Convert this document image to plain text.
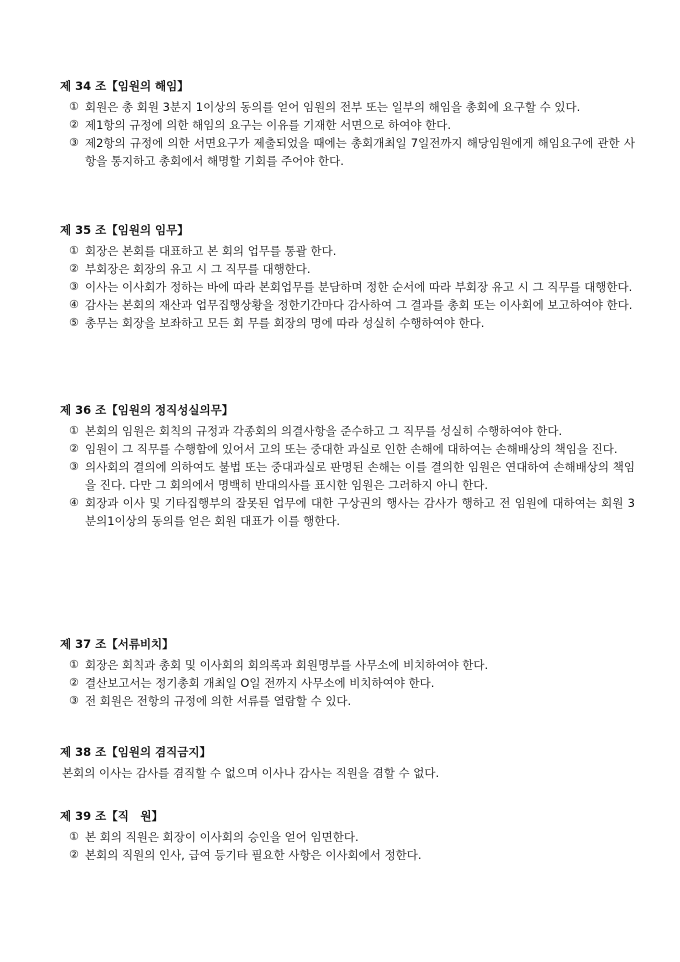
제 34 조【임원의 해임】
① 회원은 총 회원 3분지 1이상의 동의를 얻어 임원의 전부 또는 일부의 해임을 총회에 요구할 수 있다.
② 제1항의 규정에 의한 해임의 요구는 이유를 기재한 서면으로 하여야 한다.
③ 제2항의 규정에 의한 서면요구가 제출되었을 때에는 총회개최일 7일전까지 해당임원에게 해임요구에 관한 사항을 통지하고 총회에서 해명할 기회를 주어야 한다.
제 35 조【임원의 임무】
① 회장은 본회를 대표하고 본 회의 업무를 통괄 한다.
② 부회장은 회장의 유고 시 그 직무를 대행한다.
③ 이사는 이사회가 정하는 바에 따라 본회업무를 분담하며 정한 순서에 따라 부회장 유고 시 그 직무를 대행한다.
④ 감사는 본회의 재산과 업무집행상황을 정한기간마다 감사하여 그 결과를 총회 또는 이사회에 보고하여야 한다.
⑤ 총무는 회장을 보좌하고 모든 회 무를 회장의 명에 따라 성실히 수행하여야 한다.
제 36 조【임원의 정직성실의무】
① 본회의 임원은 회칙의 규정과 각종회의 의결사항을 준수하고 그 직무를 성실히 수행하여야 한다.
② 임원이 그 직무를 수행함에 있어서 고의 또는 중대한 과실로 인한 손해에 대하여는 손해배상의 책임을 진다.
③ 의사회의 결의에 의하여도 불법 또는 중대과실로 판명된 손해는 이를 결의한 임원은 연대하여 손해배상의 책임을 진다. 다만 그 회의에서 명백히 반대의사를 표시한 임원은 그러하지 아니 한다.
④ 회장과 이사 및 기타집행부의 잘못된 업무에 대한 구상권의 행사는 감사가 행하고 전 임원에 대하여는 회원 3분의1이상의 동의를 얻은 회원 대표가 이를 행한다.
제 37 조【서류비치】
① 회장은 회칙과 총회 및 이사회의 회의록과 회원명부를 사무소에 비치하여야 한다.
② 결산보고서는 정기총회 개최일 O일 전까지 사무소에 비치하여야 한다.
③ 전 회원은 전항의 규정에 의한 서류를 열람할 수 있다.
제 38 조【임원의 겸직금지】
본회의 이사는 감사를 겸직할 수 없으며 이사나 감사는 직원을 겸할 수 없다.
제 39 조【직　원】
① 본 회의 직원은 회장이 이사회의 승인을 얻어 임면한다.
② 본회의 직원의 인사, 급여 등기타 필요한 사항은 이사회에서 정한다.
